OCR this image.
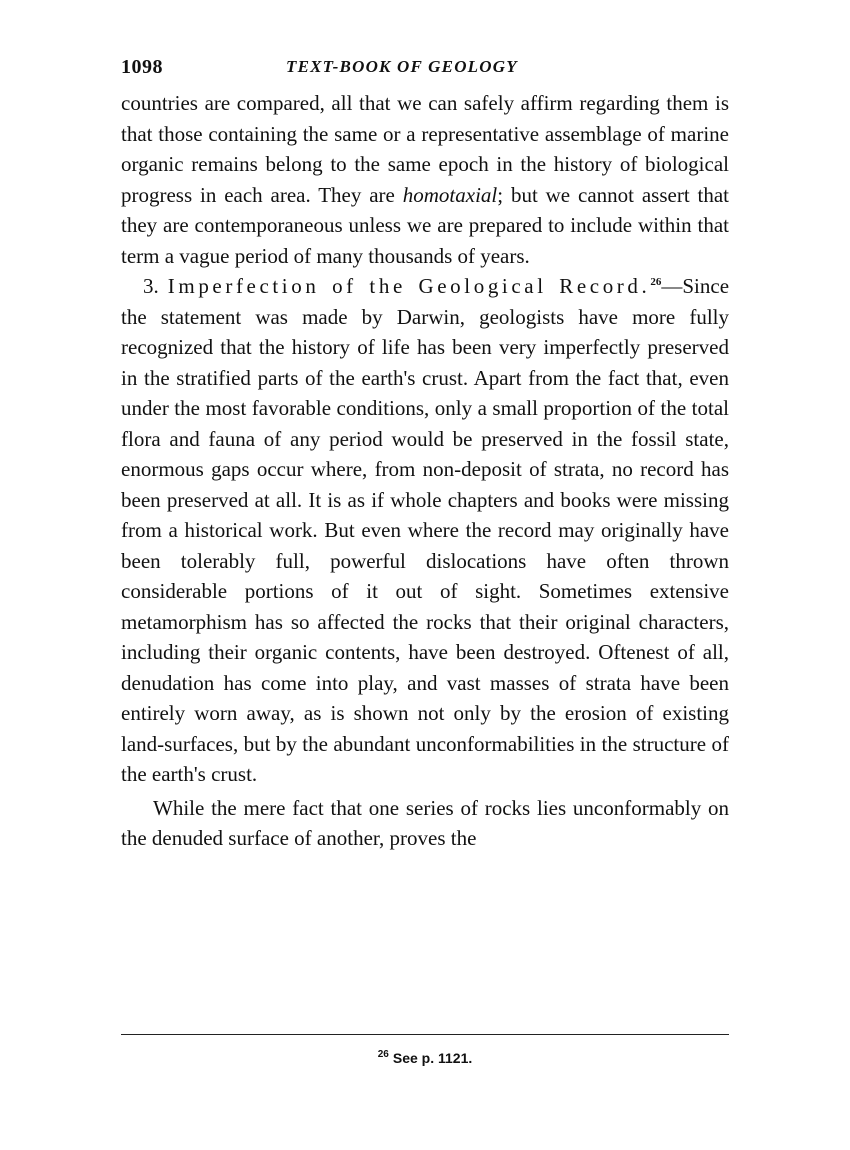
1098	TEXT-BOOK OF GEOLOGY

countries are compared, all that we can safely affirm regarding them is that those containing the same or a representative assemblage of marine organic remains belong to the same epoch in the history of biological progress in each area. They are homotaxial; but we cannot assert that they are contemporaneous unless we are prepared to include within that term a vague period of many thousands of years.

3. Imperfection of the Geological Record.$^{26}$—Since the statement was made by Darwin, geologists have more fully recognized that the history of life has been very imperfectly preserved in the stratified parts of the earth's crust. Apart from the fact that, even under the most favorable conditions, only a small proportion of the total flora and fauna of any period would be preserved in the fossil state, enormous gaps occur where, from non-deposit of strata, no record has been preserved at all. It is as if whole chapters and books were missing from a historical work. But even where the record may originally have been tolerably full, powerful dislocations have often thrown considerable portions of it out of sight. Sometimes extensive metamorphism has so affected the rocks that their original characters, including their organic contents, have been destroyed. Oftenest of all, denudation has come into play, and vast masses of strata have been entirely worn away, as is shown not only by the erosion of existing land-surfaces, but by the abundant unconformabilities in the structure of the earth's crust.

While the mere fact that one series of rocks lies unconformably on the denuded surface of another, proves the

$^{26}$ See p. 1121.
